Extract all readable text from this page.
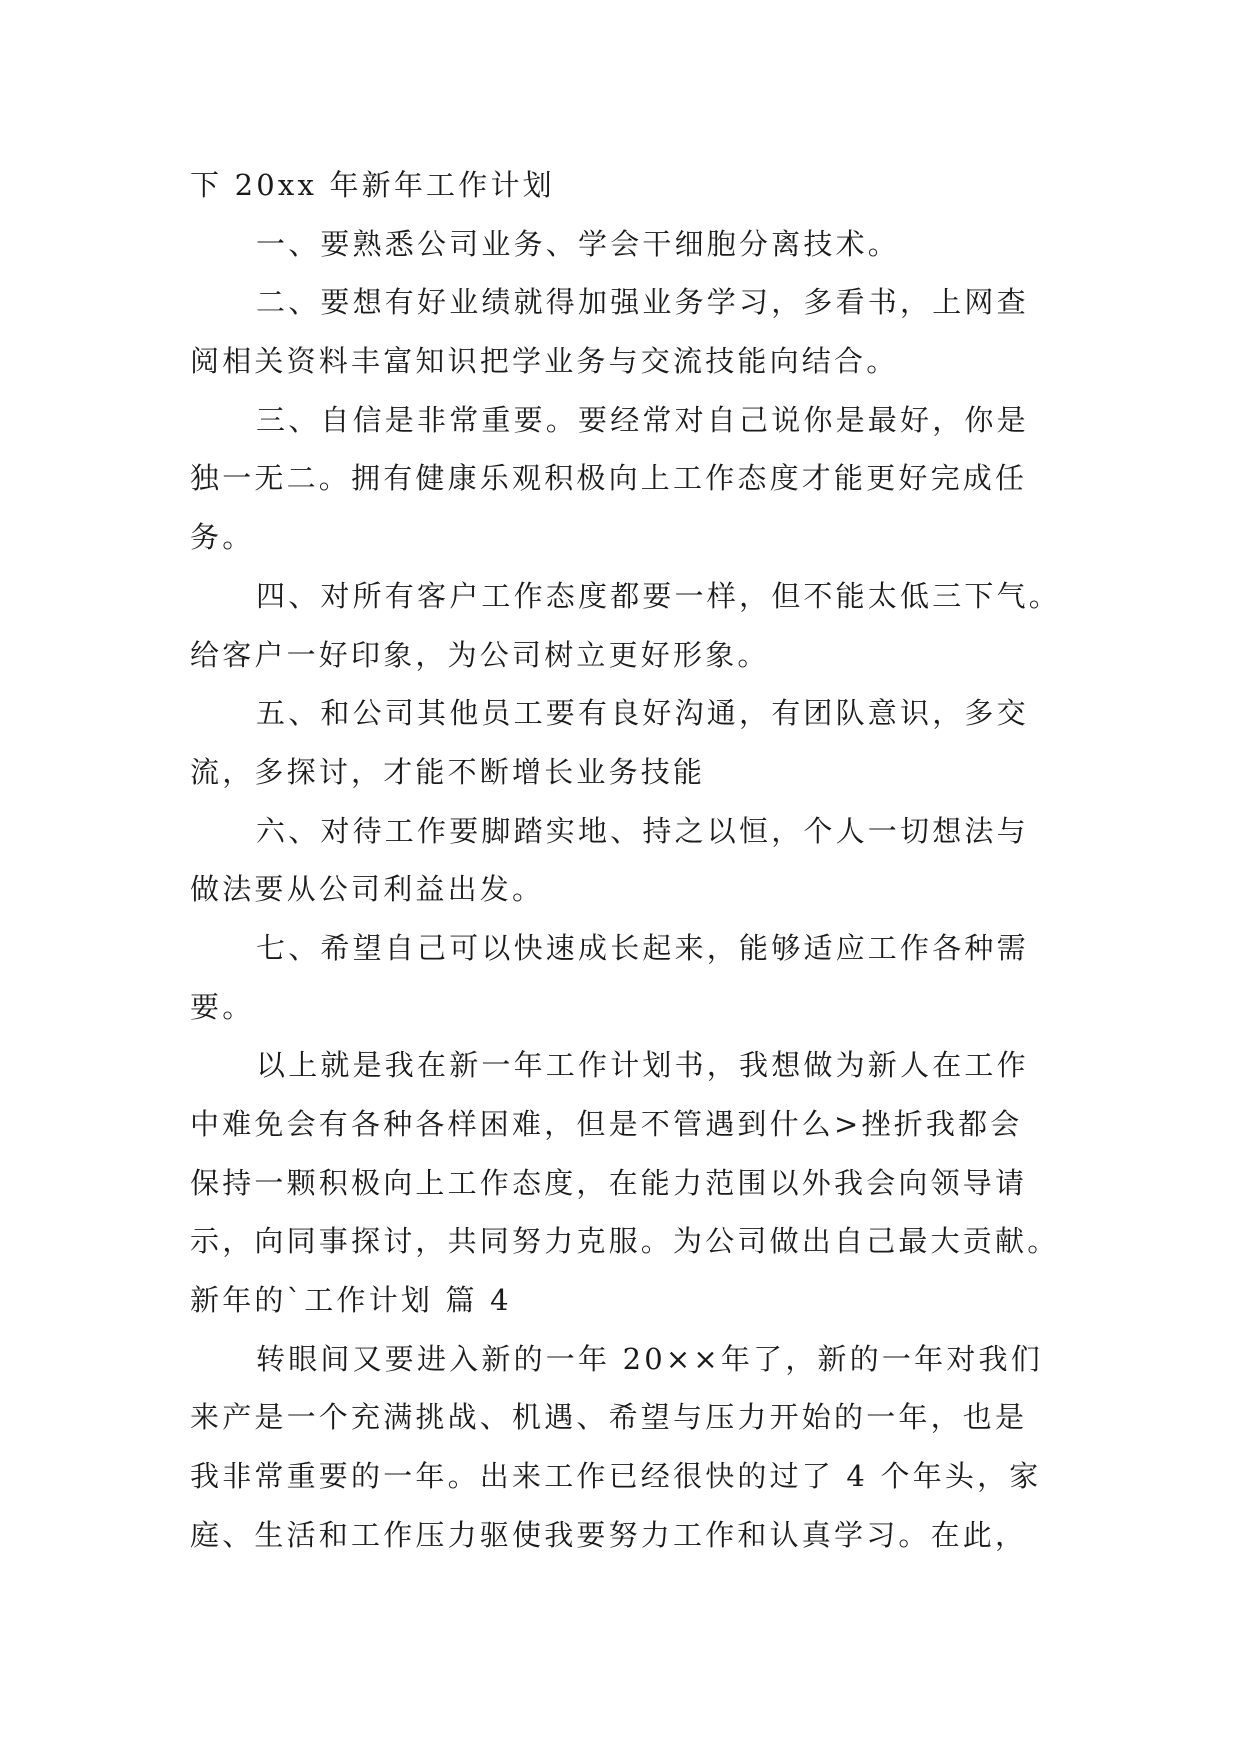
下 20xx 年新年工作计划
一、要熟悉公司业务、学会干细胞分离技术。
二、要想有好业绩就得加强业务学习，多看书，上网查
阅相关资料丰富知识把学业务与交流技能向结合。
三、自信是非常重要。要经常对自己说你是最好，你是
独一无二。拥有健康乐观积极向上工作态度才能更好完成任
务。
四、对所有客户工作态度都要一样，但不能太低三下气。
给客户一好印象，为公司树立更好形象。
五、和公司其他员工要有良好沟通，有团队意识，多交
流，多探讨，才能不断增长业务技能
六、对待工作要脚踏实地、持之以恒，个人一切想法与
做法要从公司利益出发。
七、希望自己可以快速成长起来，能够适应工作各种需
要。
以上就是我在新一年工作计划书，我想做为新人在工作
中难免会有各种各样困难，但是不管遇到什么>挫折我都会
保持一颗积极向上工作态度，在能力范围以外我会向领导请
示，向同事探讨，共同努力克服。为公司做出自己最大贡献。
新年的`工作计划 篇 4
转眼间又要进入新的一年 20××年了，新的一年对我们
来产是一个充满挑战、机遇、希望与压力开始的一年，也是
我非常重要的一年。出来工作已经很快的过了 4 个年头，家
庭、生活和工作压力驱使我要努力工作和认真学习。在此，
